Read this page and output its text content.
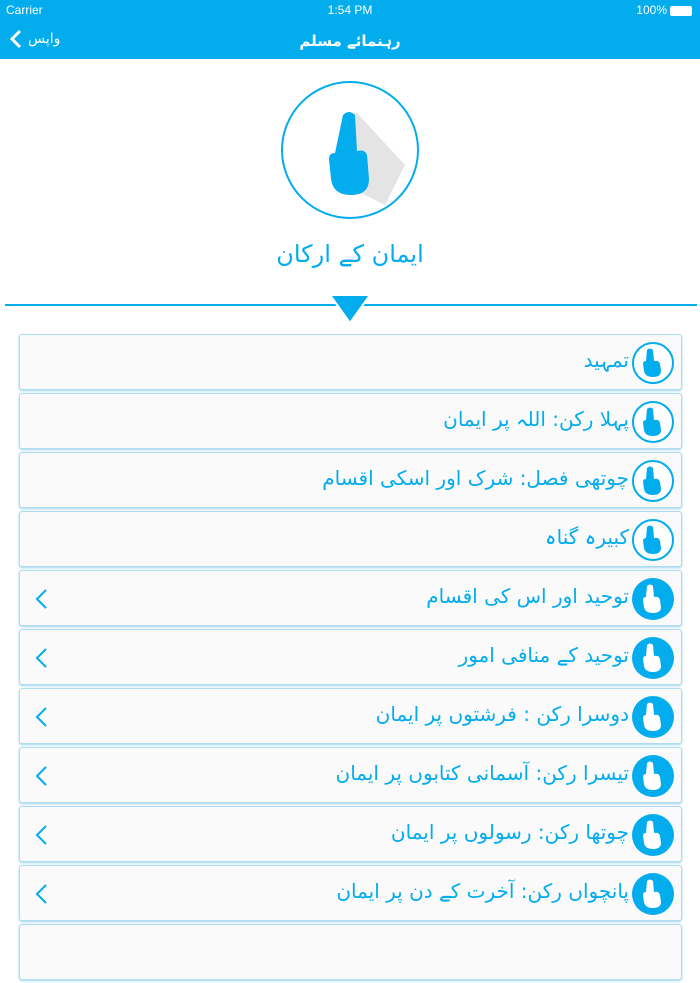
Carrier	1:54 PM	100%
واپس	رہنمائے مسلم
ایمان کے ارکان
تمہید
پہلا رکن: اللہ پر ایمان
چوتھی فصل: شرک اور اسکی اقسام
کبیرہ گناہ
توحید اور اس کی اقسام
توحید کے منافی امور
دوسرا رکن : فرشتوں پر ایمان
تیسرا رکن: آسمانی کتابوں پر ایمان
چوتھا رکن: رسولوں پر ایمان
پانچواں رکن: آخرت کے دن پر ایمان
